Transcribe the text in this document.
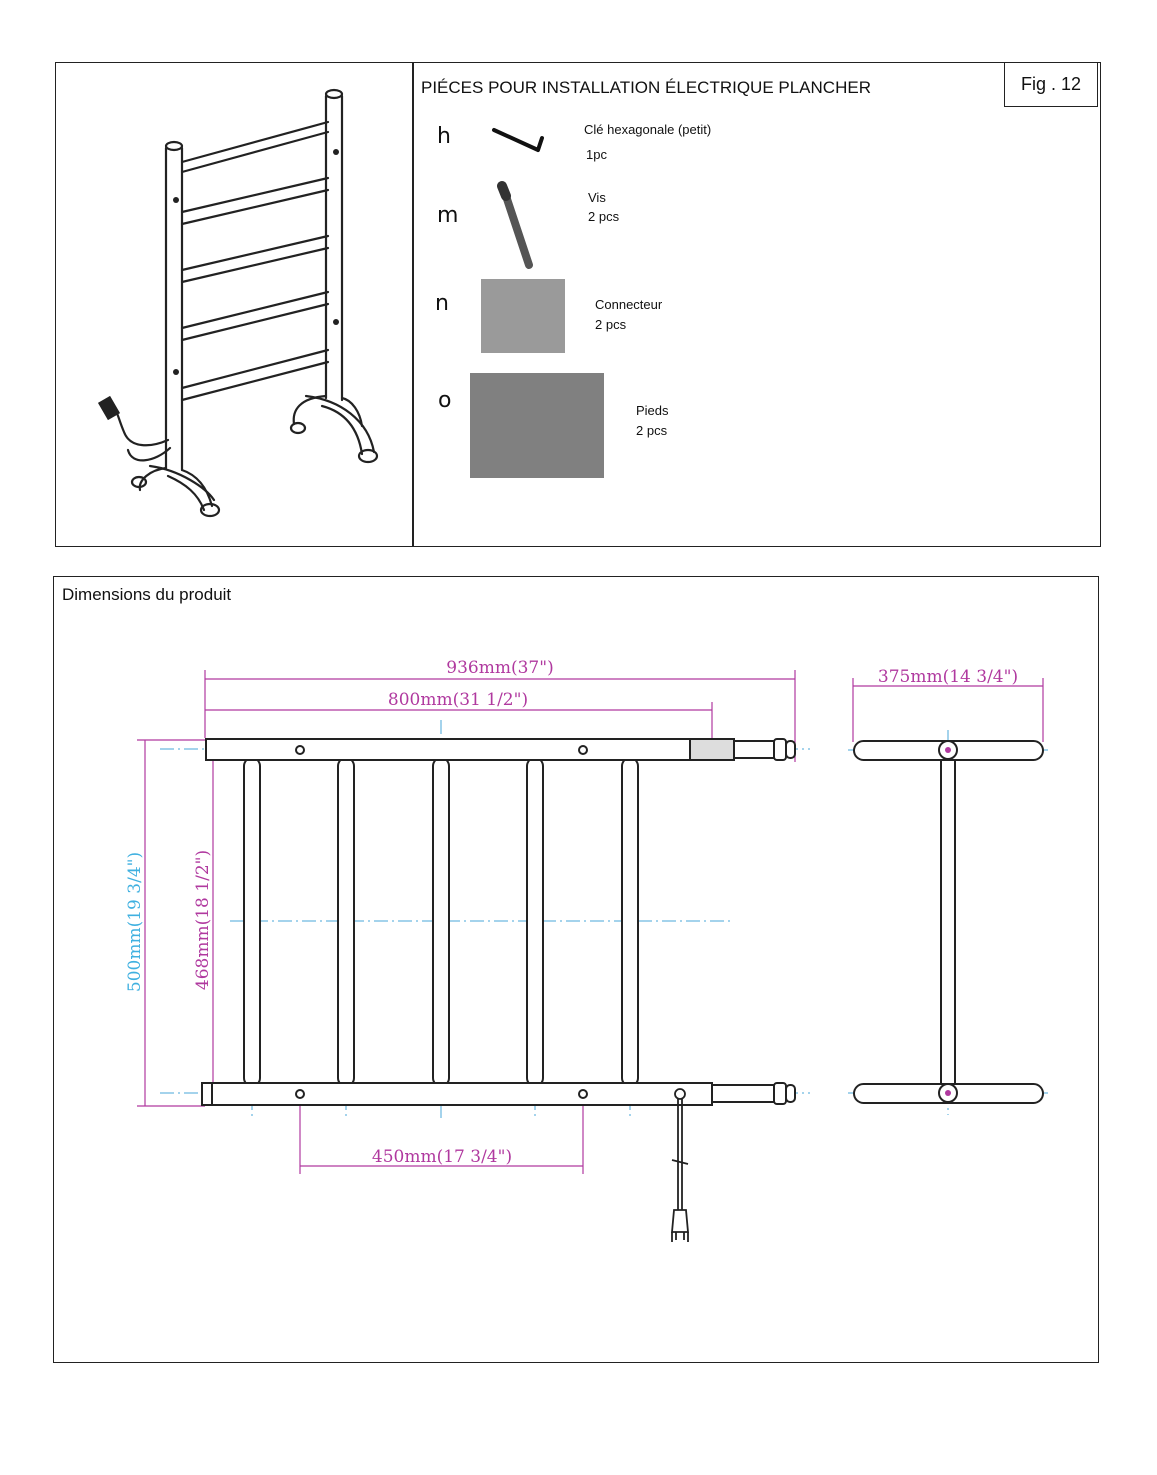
PIÉCES POUR INSTALLATION ÉLECTRIQUE PLANCHER	Fig . 12
h	Clé hexagonale (petit)
1pc
m
Vis
2 pcs
n	Connecteur
2 pcs
o	Pieds
2 pcs
Dimensions du produit
936mm(37")
800mm(31 1/2")
375mm(14 3/4")
450mm(17 3/4")
500mm(19 3/4")	468mm(18 1/2")
